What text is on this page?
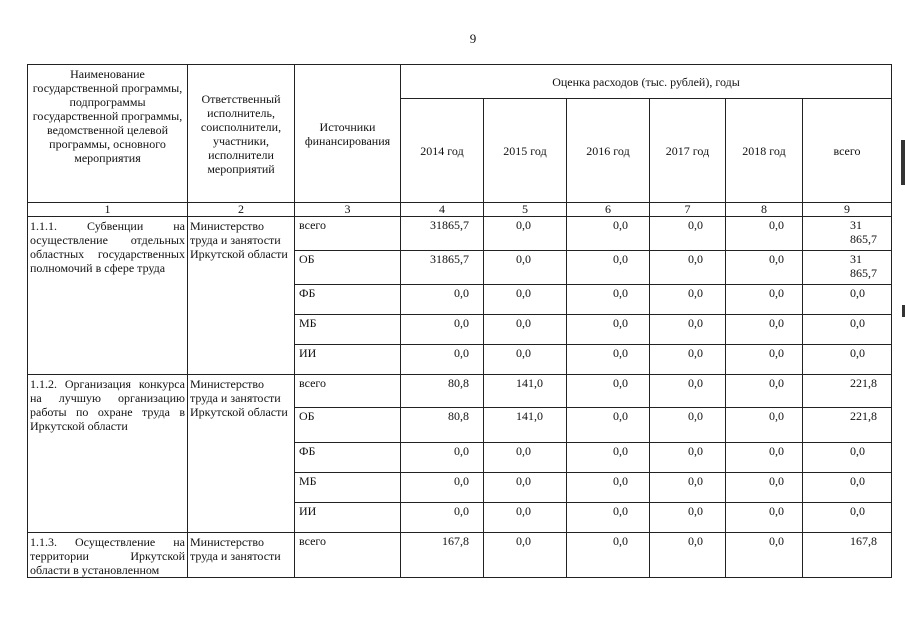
9
Наименование государственной программы, подпрограммы государственной программы, ведомственной целевой программы, основного мероприятия	Ответственный исполнитель, соисполнители, участники, исполнители мероприятий	Источники финансирования	Оценка расходов (тыс. рублей), годы					
			2014 год	2015 год	2016 год	2017 год	2018 год	всего
1	2	3	4	5	6	7	8	9
1.1.1. Субвенции на осуществление отдельных областных государственных полномочий в сфере труда	Министерство труда и занятости Иркутской области	всего	31865,7	0,0	0,0	0,0	0,0	31 865,7
		ОБ	31865,7	0,0	0,0	0,0	0,0	31 865,7
		ФБ	0,0	0,0	0,0	0,0	0,0	0,0
		МБ	0,0	0,0	0,0	0,0	0,0	0,0
		ИИ	0,0	0,0	0,0	0,0	0,0	0,0
1.1.2. Организация конкурса на лучшую организацию работы по охране труда в Иркутской области	Министерство труда и занятости Иркутской области	всего	80,8	141,0	0,0	0,0	0,0	221,8
		ОБ	80,8	141,0	0,0	0,0	0,0	221,8
		ФБ	0,0	0,0	0,0	0,0	0,0	0,0
		МБ	0,0	0,0	0,0	0,0	0,0	0,0
		ИИ	0,0	0,0	0,0	0,0	0,0	0,0
1.1.3. Осуществление на территории Иркутской области в установленном	Министерство труда и занятости	всего	167,8	0,0	0,0	0,0	0,0	167,8
